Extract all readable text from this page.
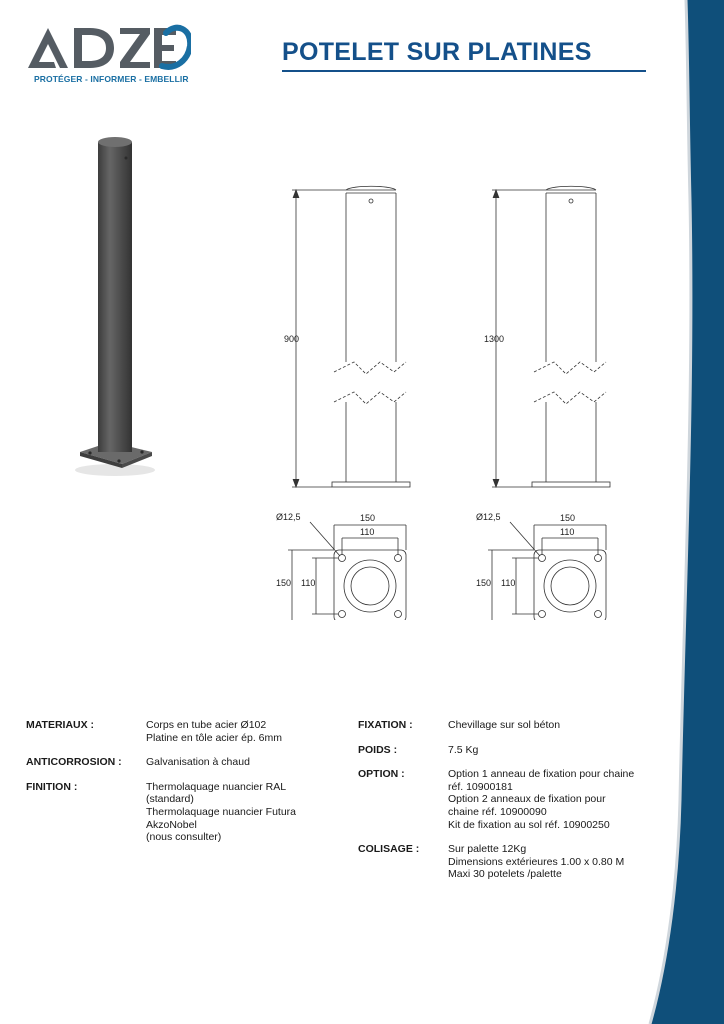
PROTÉGER - INFORMER - EMBELLIR
POTELET SUR PLATINES
900	1300
Ø12,5	150
110
150 110
Ø12,5	150
110
150 110
MATERIAUX :	Corps en tube acier Ø102
Platine en tôle acier ép. 6mm
ANTICORROSION : Galvanisation à chaud
FINITION :	Thermolaquage nuancier RAL
(standard)
Thermolaquage nuancier Futura
AkzoNobel
(nous consulter)
FIXATION :	Chevillage sur sol béton
POIDS :	7.5 Kg
OPTION :	Option 1 anneau de fixation pour chaine
réf. 10900181
Option 2 anneaux de fixation pour
chaine réf. 10900090
Kit de fixation au sol réf. 10900250
COLISAGE :	Sur palette 12Kg
Dimensions extérieures 1.00 x 0.80 M
Maxi 30 potelets /palette
